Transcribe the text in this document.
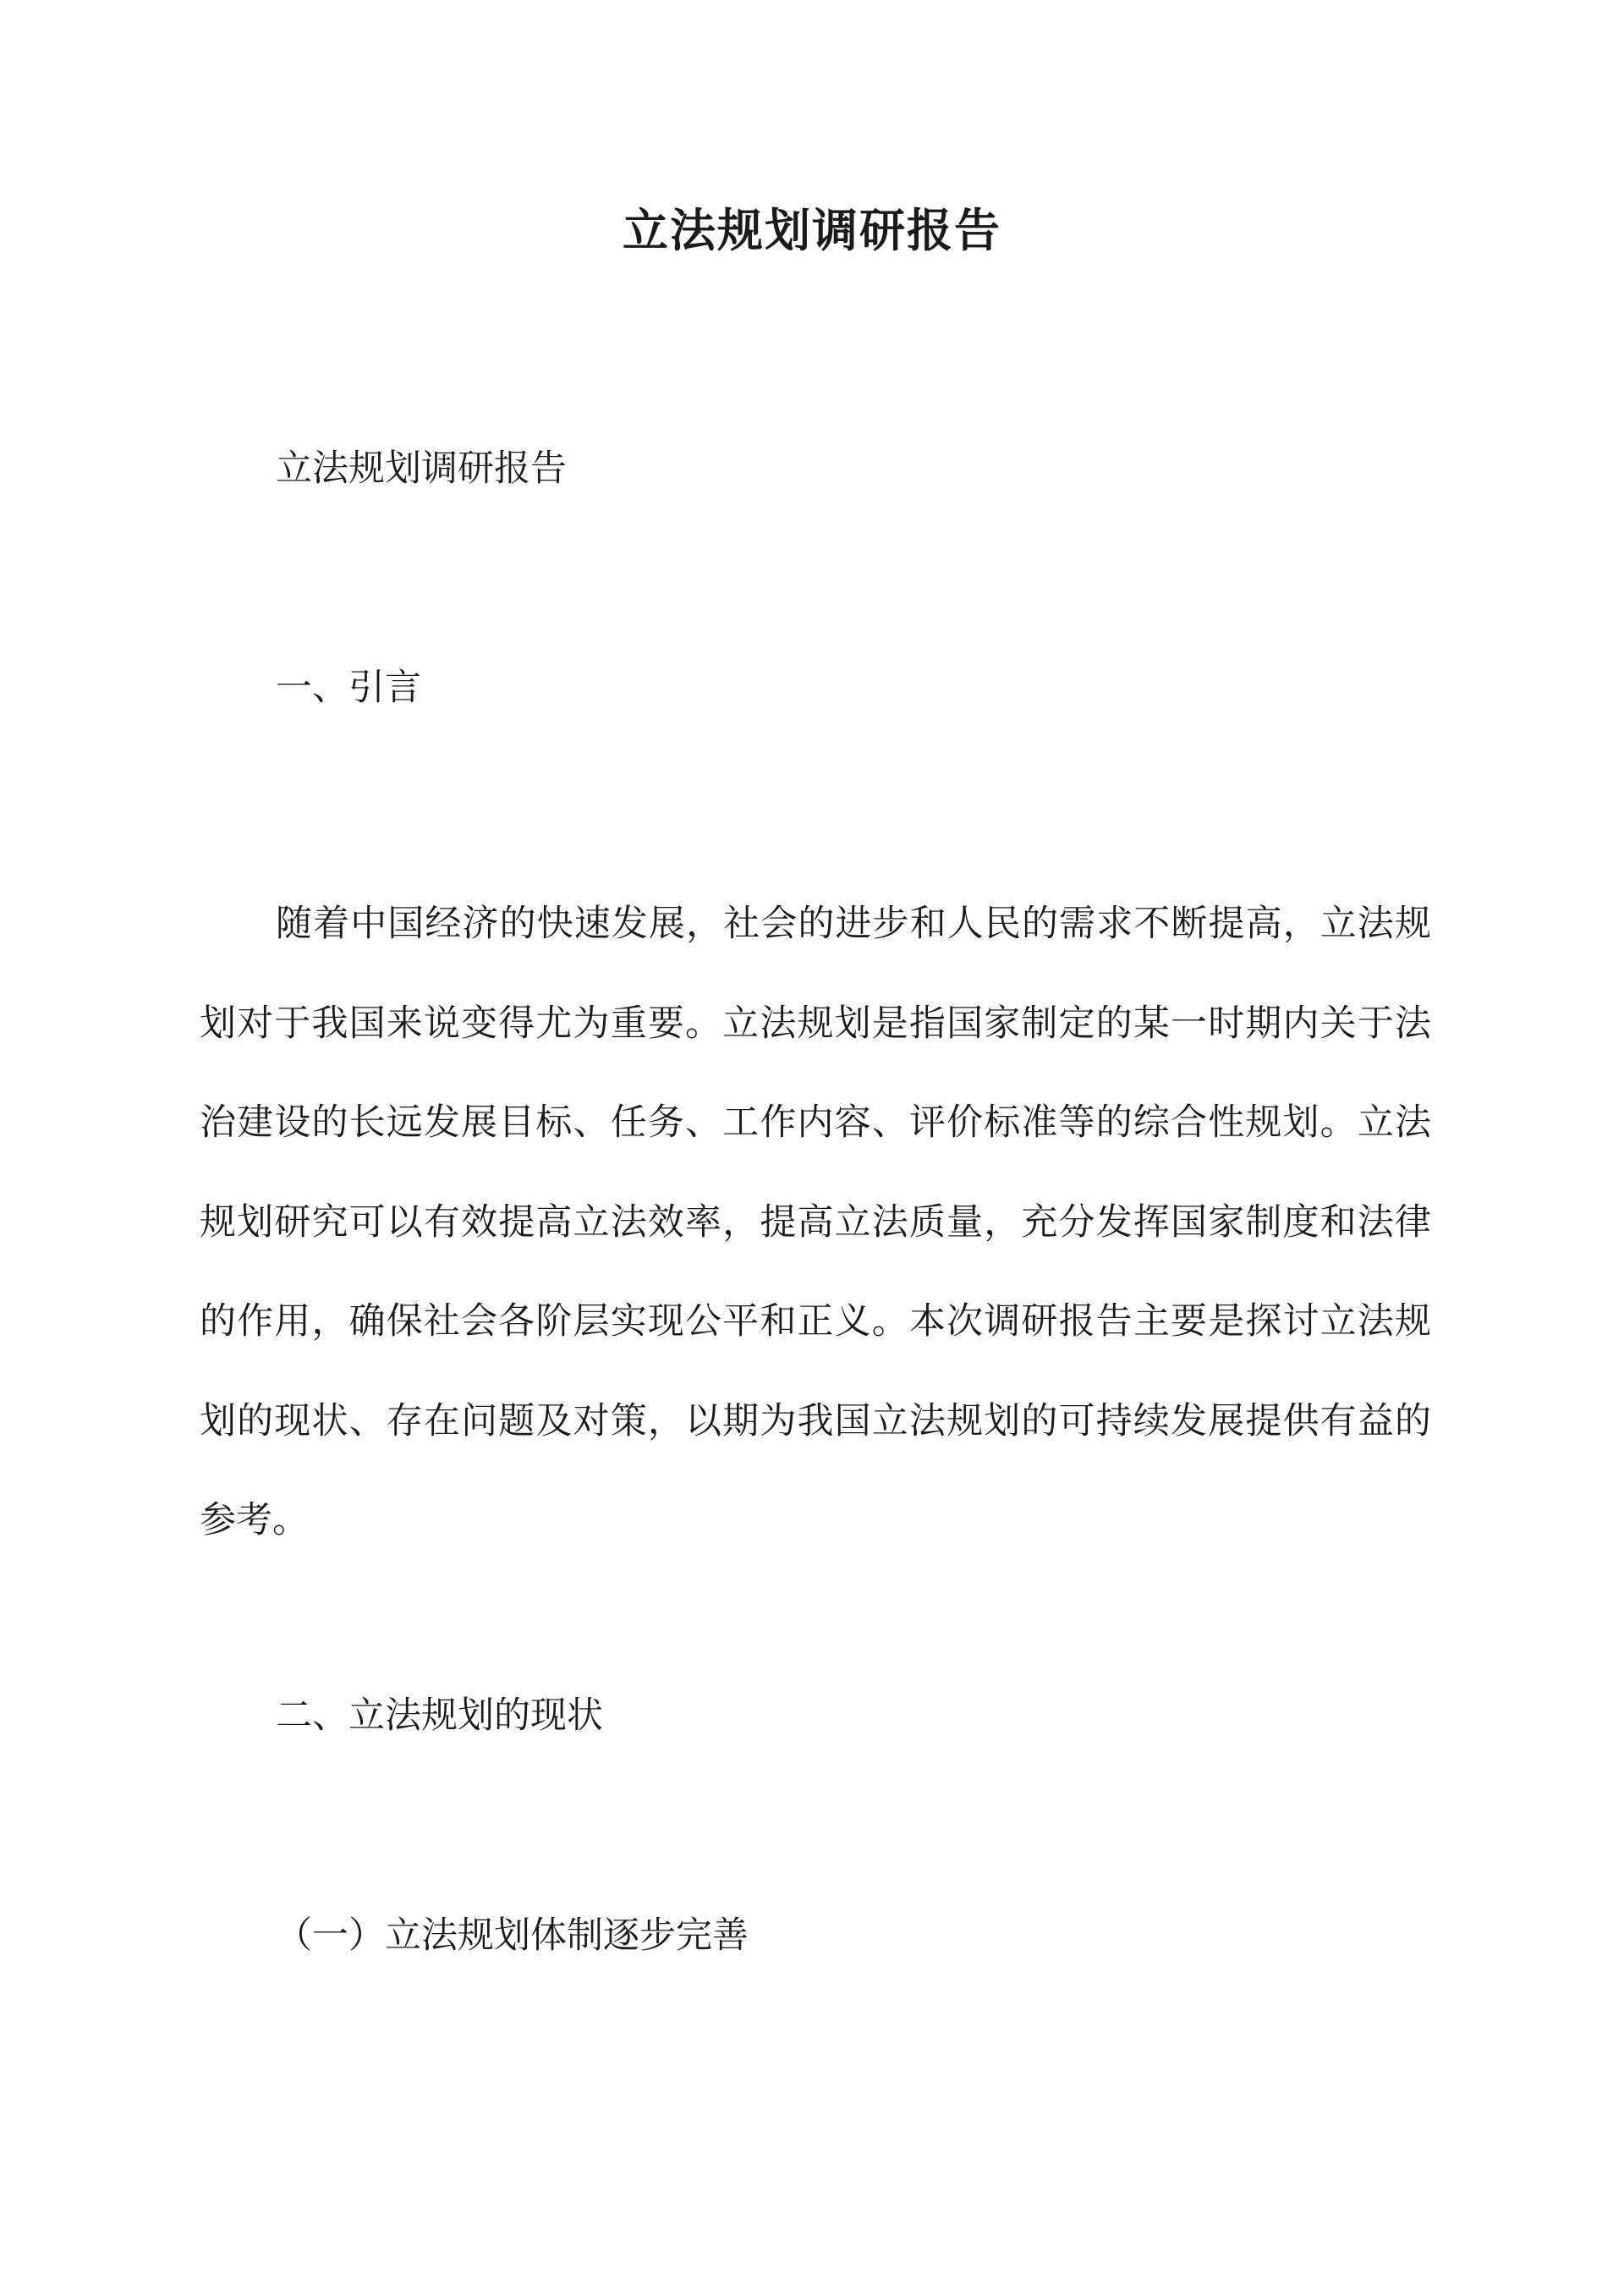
立法规划调研报告

立法规划调研报告

一、引言

随着中国经济的快速发展，社会的进步和人民的需求不断提高，立法规划对于我国来说变得尤为重要。立法规划是指国家制定的某一时期内关于法治建设的长远发展目标、任务、工作内容、评价标准等的综合性规划。立法规划研究可以有效提高立法效率，提高立法质量，充分发挥国家制度和法律的作用，确保社会各阶层实现公平和正义。本次调研报告主要是探讨立法规划的现状、存在问题及对策，以期为我国立法规划的可持续发展提供有益的参考。

二、立法规划的现状

（一）立法规划体制逐步完善
